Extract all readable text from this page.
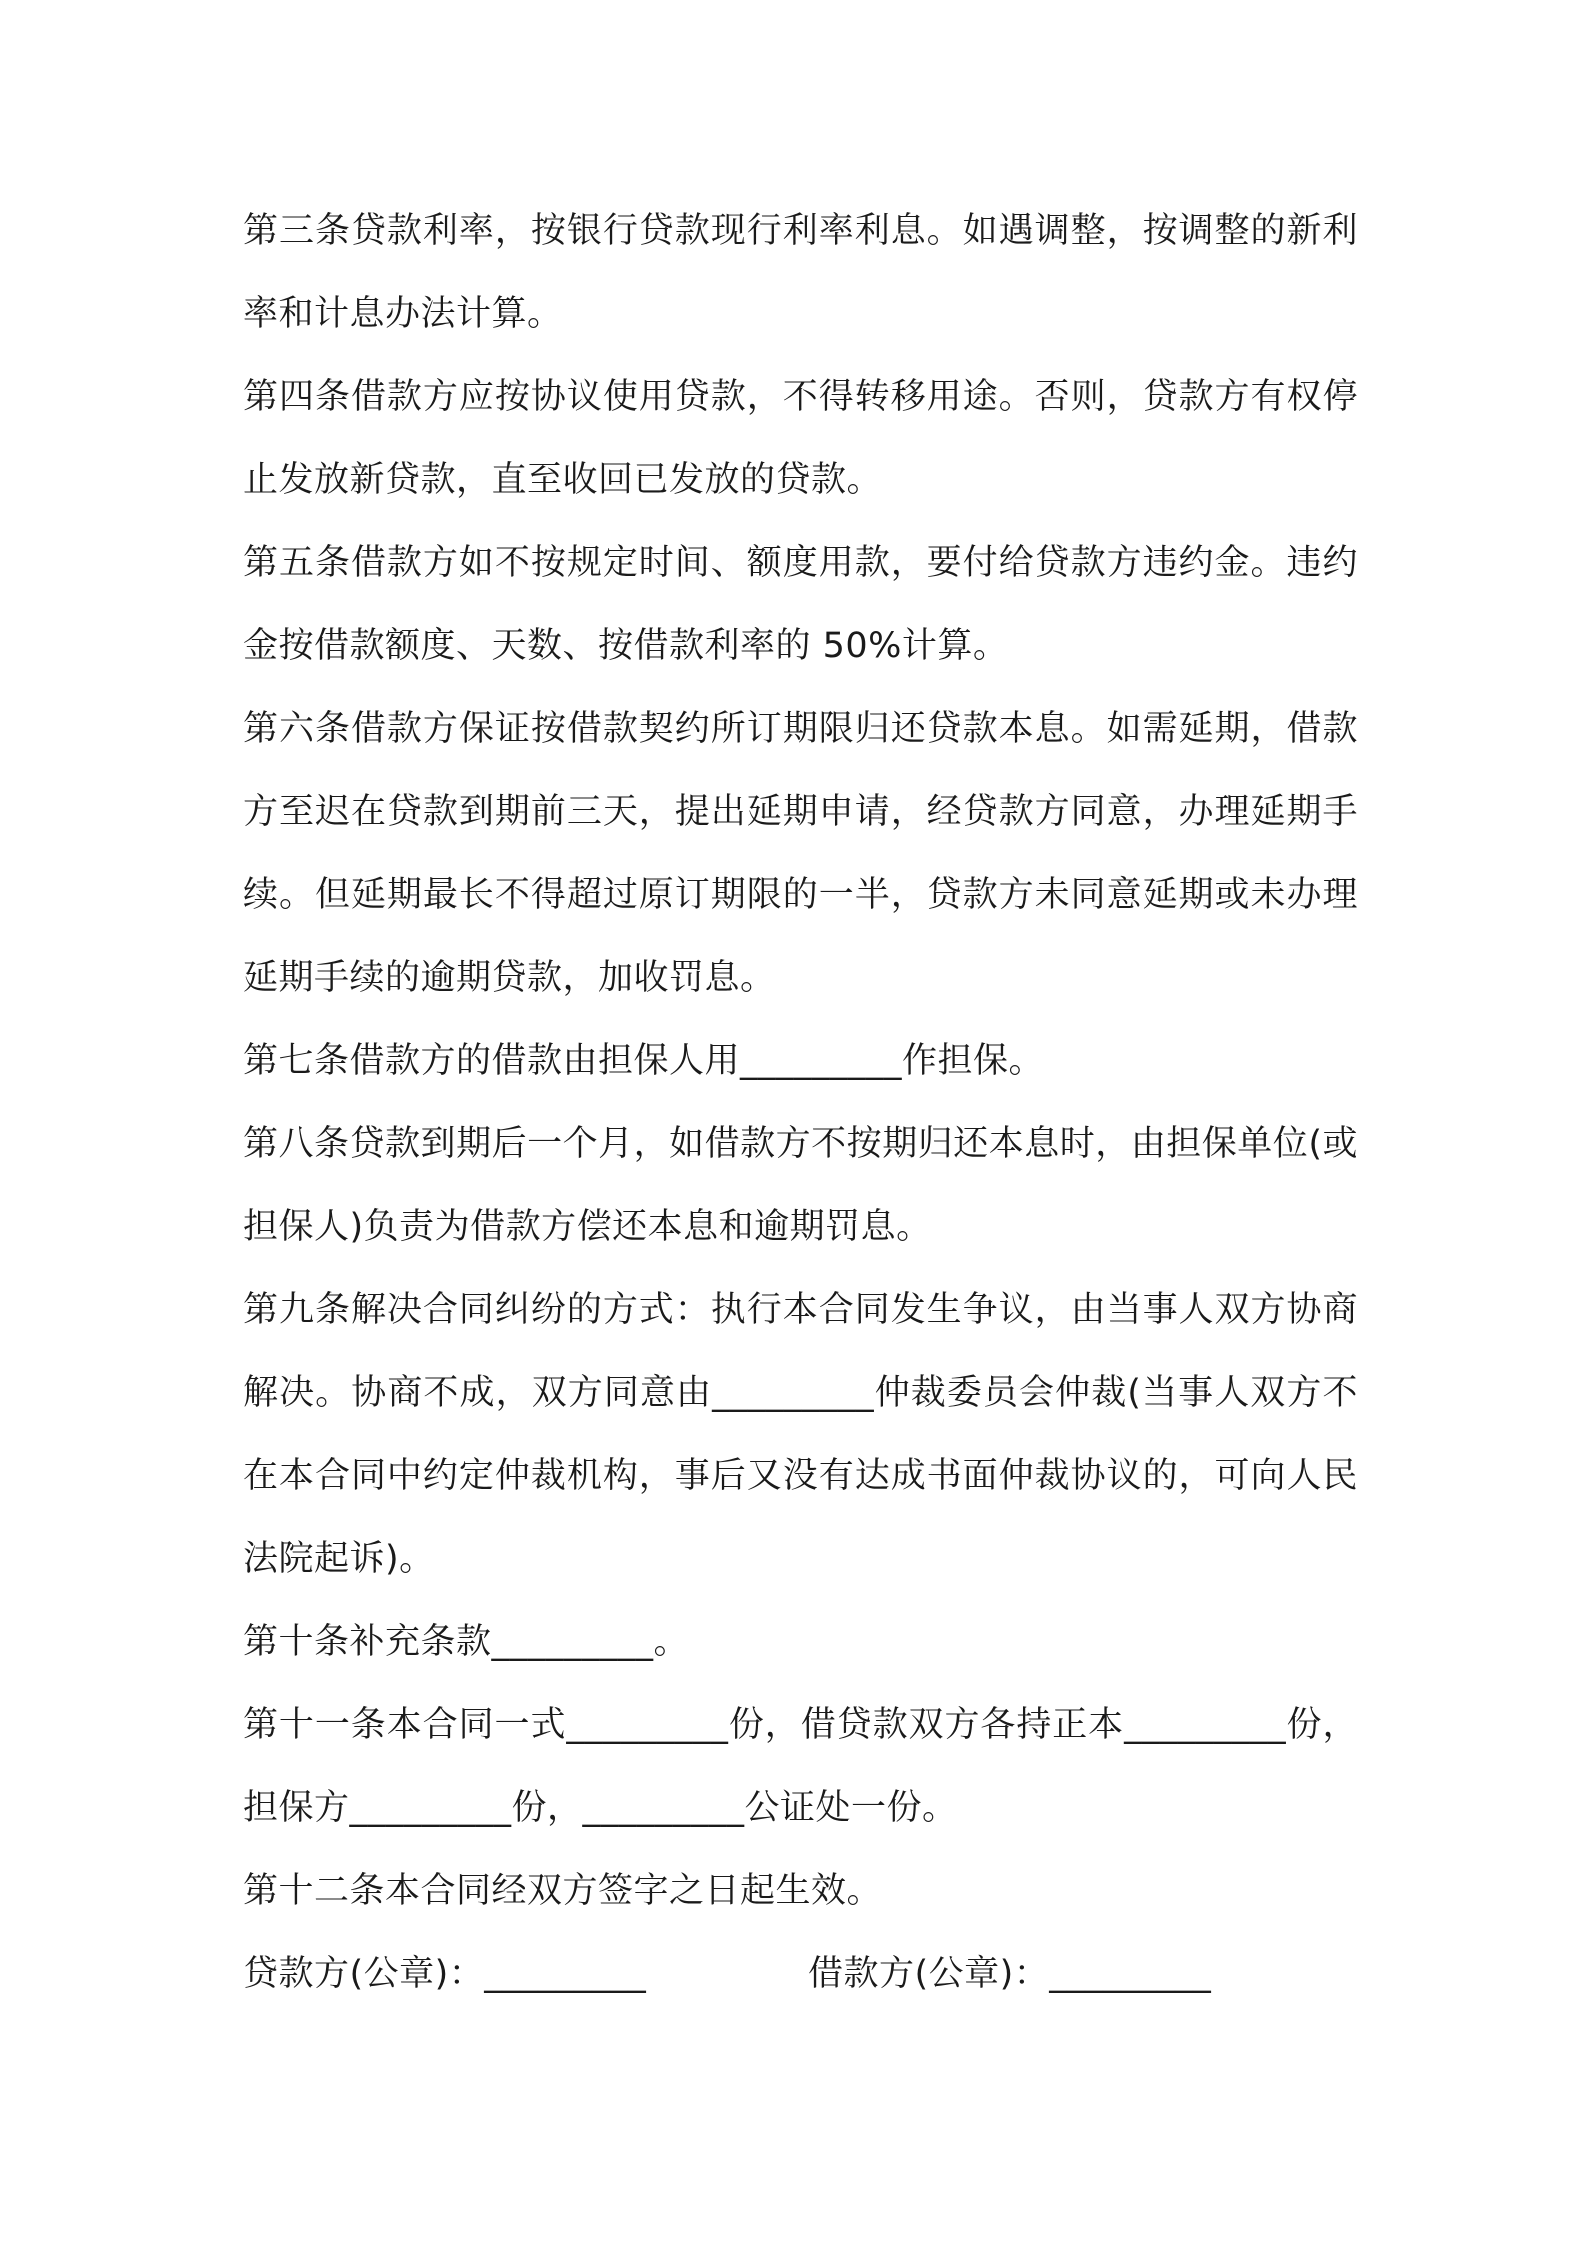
第三条贷款利率，按银行贷款现行利率利息。如遇调整，按调整的新利率和计息办法计算。

第四条借款方应按协议使用贷款，不得转移用途。否则，贷款方有权停止发放新贷款，直至收回已发放的贷款。

第五条借款方如不按规定时间、额度用款，要付给贷款方违约金。违约金按借款额度、天数、按借款利率的 50%计算。

第六条借款方保证按借款契约所订期限归还贷款本息。如需延期，借款方至迟在贷款到期前三天，提出延期申请，经贷款方同意，办理延期手续。但延期最长不得超过原订期限的一半，贷款方未同意延期或未办理延期手续的逾期贷款，加收罚息。

第七条借款方的借款由担保人用_________作担保。

第八条贷款到期后一个月，如借款方不按期归还本息时，由担保单位(或担保人)负责为借款方偿还本息和逾期罚息。

第九条解决合同纠纷的方式：执行本合同发生争议，由当事人双方协商解决。协商不成，双方同意由_________仲裁委员会仲裁(当事人双方不在本合同中约定仲裁机构，事后又没有达成书面仲裁协议的，可向人民法院起诉)。

第十条补充条款_________。

第十一条本合同一式_________份，借贷款双方各持正本_________份，担保方_________份，_________公证处一份。

第十二条本合同经双方签字之日起生效。

贷款方(公章)：_________	借款方(公章)：_________
